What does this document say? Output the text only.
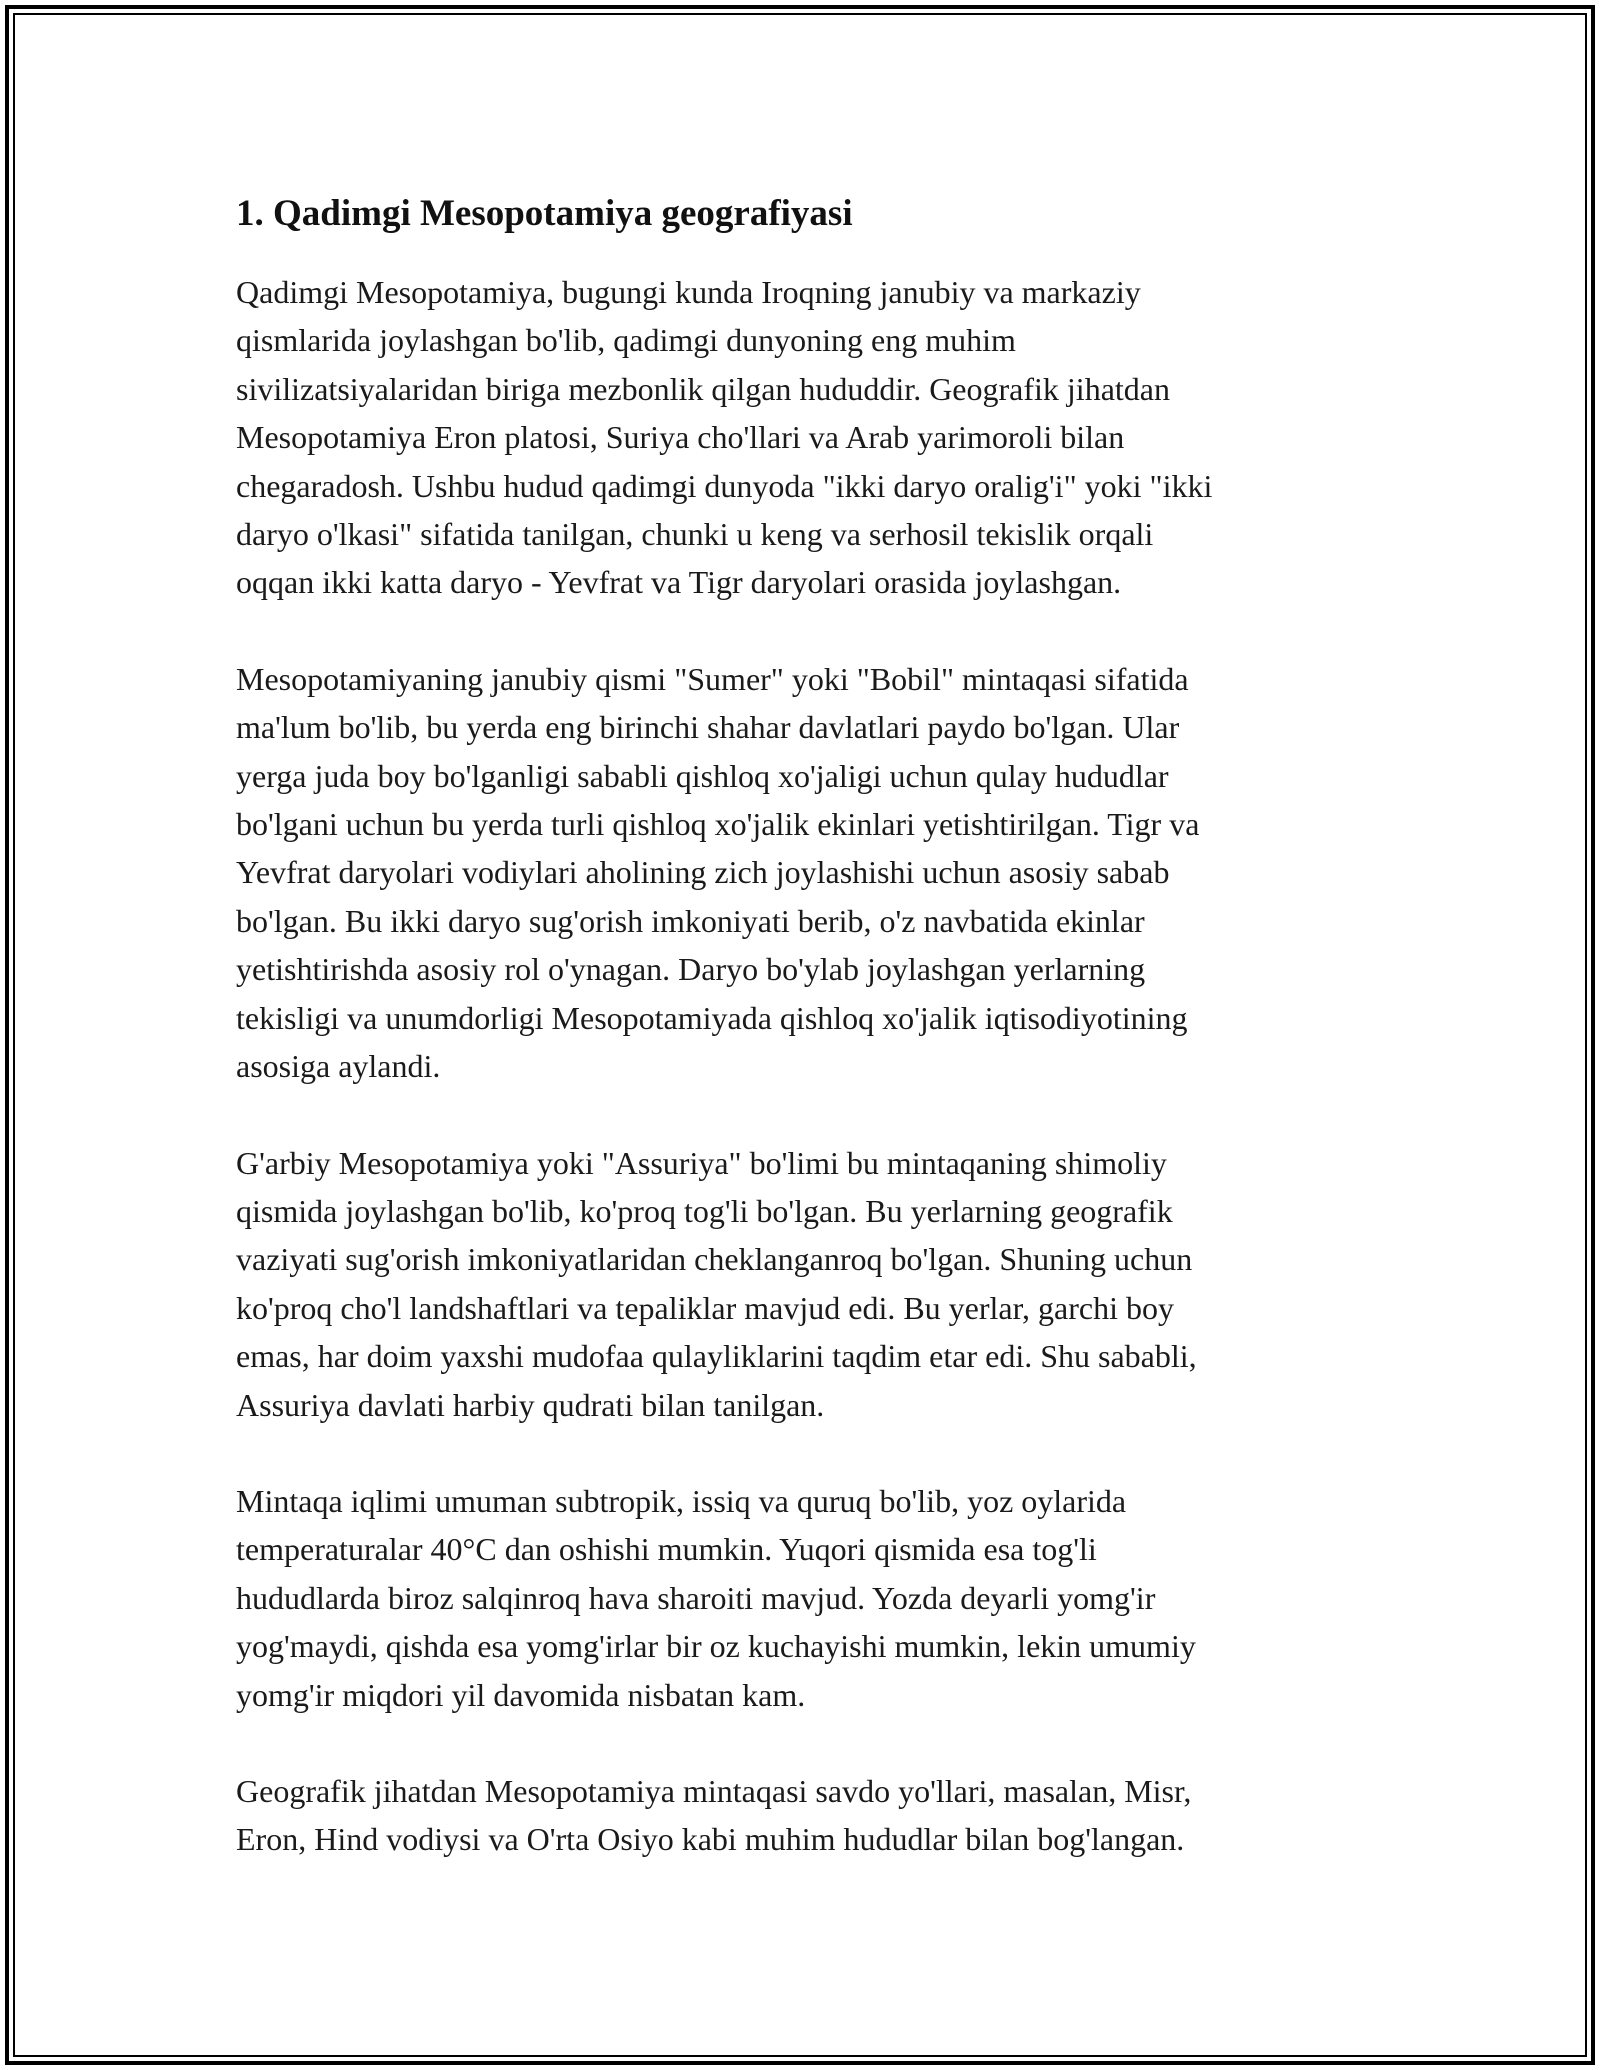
1. Qadimgi Mesopotamiya geografiyasi

Qadimgi Mesopotamiya, bugungi kunda Iroqning janubiy va markaziy
qismlarida joylashgan bo'lib, qadimgi dunyoning eng muhim
sivilizatsiyalaridan biriga mezbonlik qilgan hududdir. Geografik jihatdan
Mesopotamiya Eron platosi, Suriya cho'llari va Arab yarimoroli bilan
chegaradosh. Ushbu hudud qadimgi dunyoda "ikki daryo oralig'i" yoki "ikki
daryo o'lkasi" sifatida tanilgan, chunki u keng va serhosil tekislik orqali
oqqan ikki katta daryo - Yevfrat va Tigr daryolari orasida joylashgan.

Mesopotamiyaning janubiy qismi "Sumer" yoki "Bobil" mintaqasi sifatida
ma'lum bo'lib, bu yerda eng birinchi shahar davlatlari paydo bo'lgan. Ular
yerga juda boy bo'lganligi sababli qishloq xo'jaligi uchun qulay hududlar
bo'lgani uchun bu yerda turli qishloq xo'jalik ekinlari yetishtirilgan. Tigr va
Yevfrat daryolari vodiylari aholining zich joylashishi uchun asosiy sabab
bo'lgan. Bu ikki daryo sug'orish imkoniyati berib, o'z navbatida ekinlar
yetishtirishda asosiy rol o'ynagan. Daryo bo'ylab joylashgan yerlarning
tekisligi va unumdorligi Mesopotamiyada qishloq xo'jalik iqtisodiyotining
asosiga aylandi.

G'arbiy Mesopotamiya yoki "Assuriya" bo'limi bu mintaqaning shimoliy
qismida joylashgan bo'lib, ko'proq tog'li bo'lgan. Bu yerlarning geografik
vaziyati sug'orish imkoniyatlaridan cheklanganroq bo'lgan. Shuning uchun
ko'proq cho'l landshaftlari va tepaliklar mavjud edi. Bu yerlar, garchi boy
emas, har doim yaxshi mudofaa qulayliklarini taqdim etar edi. Shu sababli,
Assuriya davlati harbiy qudrati bilan tanilgan.

Mintaqa iqlimi umuman subtropik, issiq va quruq bo'lib, yoz oylarida
temperaturalar 40°C dan oshishi mumkin. Yuqori qismida esa tog'li
hududlarda biroz salqinroq hava sharoiti mavjud. Yozda deyarli yomg'ir
yog'maydi, qishda esa yomg'irlar bir oz kuchayishi mumkin, lekin umumiy
yomg'ir miqdori yil davomida nisbatan kam.

Geografik jihatdan Mesopotamiya mintaqasi savdo yo'llari, masalan, Misr,
Eron, Hind vodiysi va O'rta Osiyo kabi muhim hududlar bilan bog'langan.
